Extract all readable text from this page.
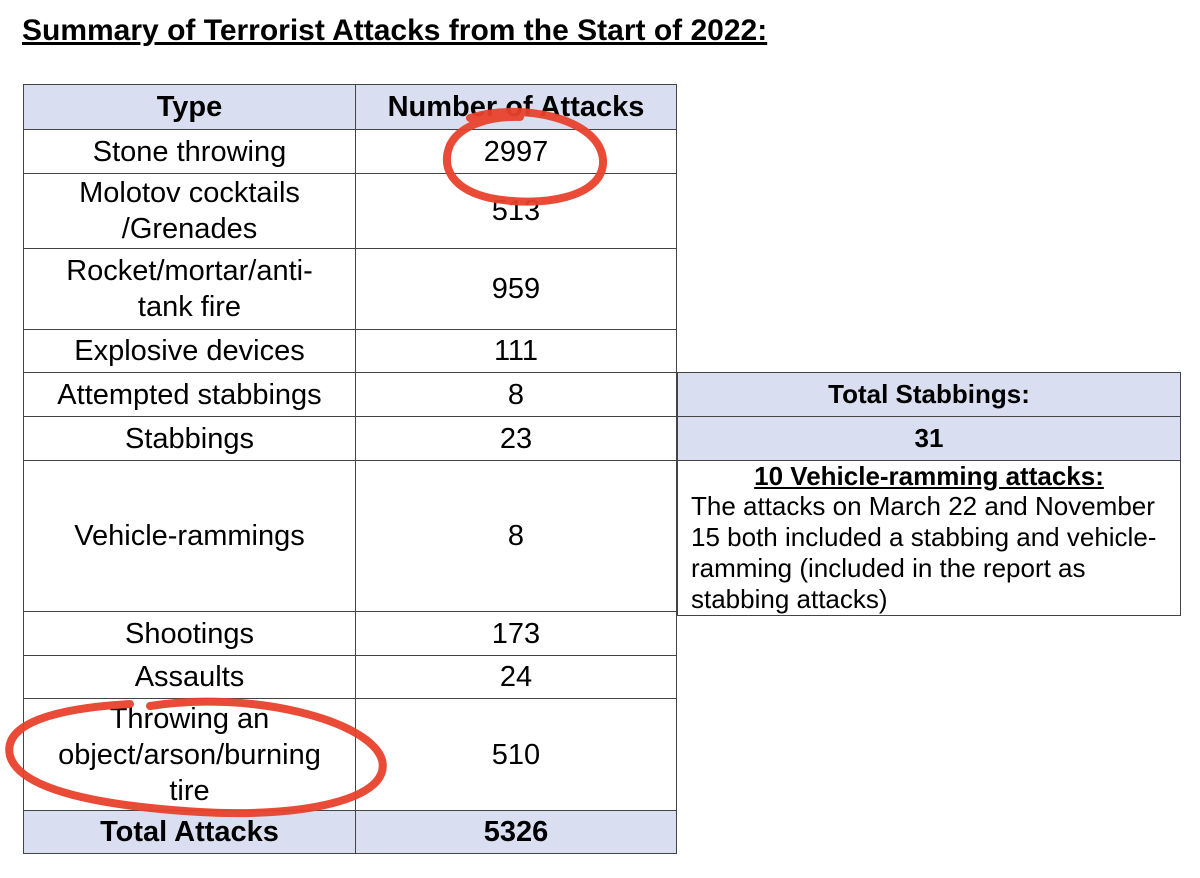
Summary of Terrorist Attacks from the Start of 2022:
Type	Number of Attacks

Stone throwing	2997

Molotov cocktails
/Grenades	513

Rocket/mortar/anti-
tank fire	959

Explosive devices	111

Attempted stabbings	8

Stabbings	23

Vehicle-rammings	8

Shootings	173

Assaults	24

Throwing an
object/arson/burning
tire	510
Total Attacks	5326
Total Stabbings:
31

10 Vehicle-ramming attacks:
The attacks on March 22 and November
15 both included a stabbing and vehicle-
ramming (included in the report as
stabbing attacks)
